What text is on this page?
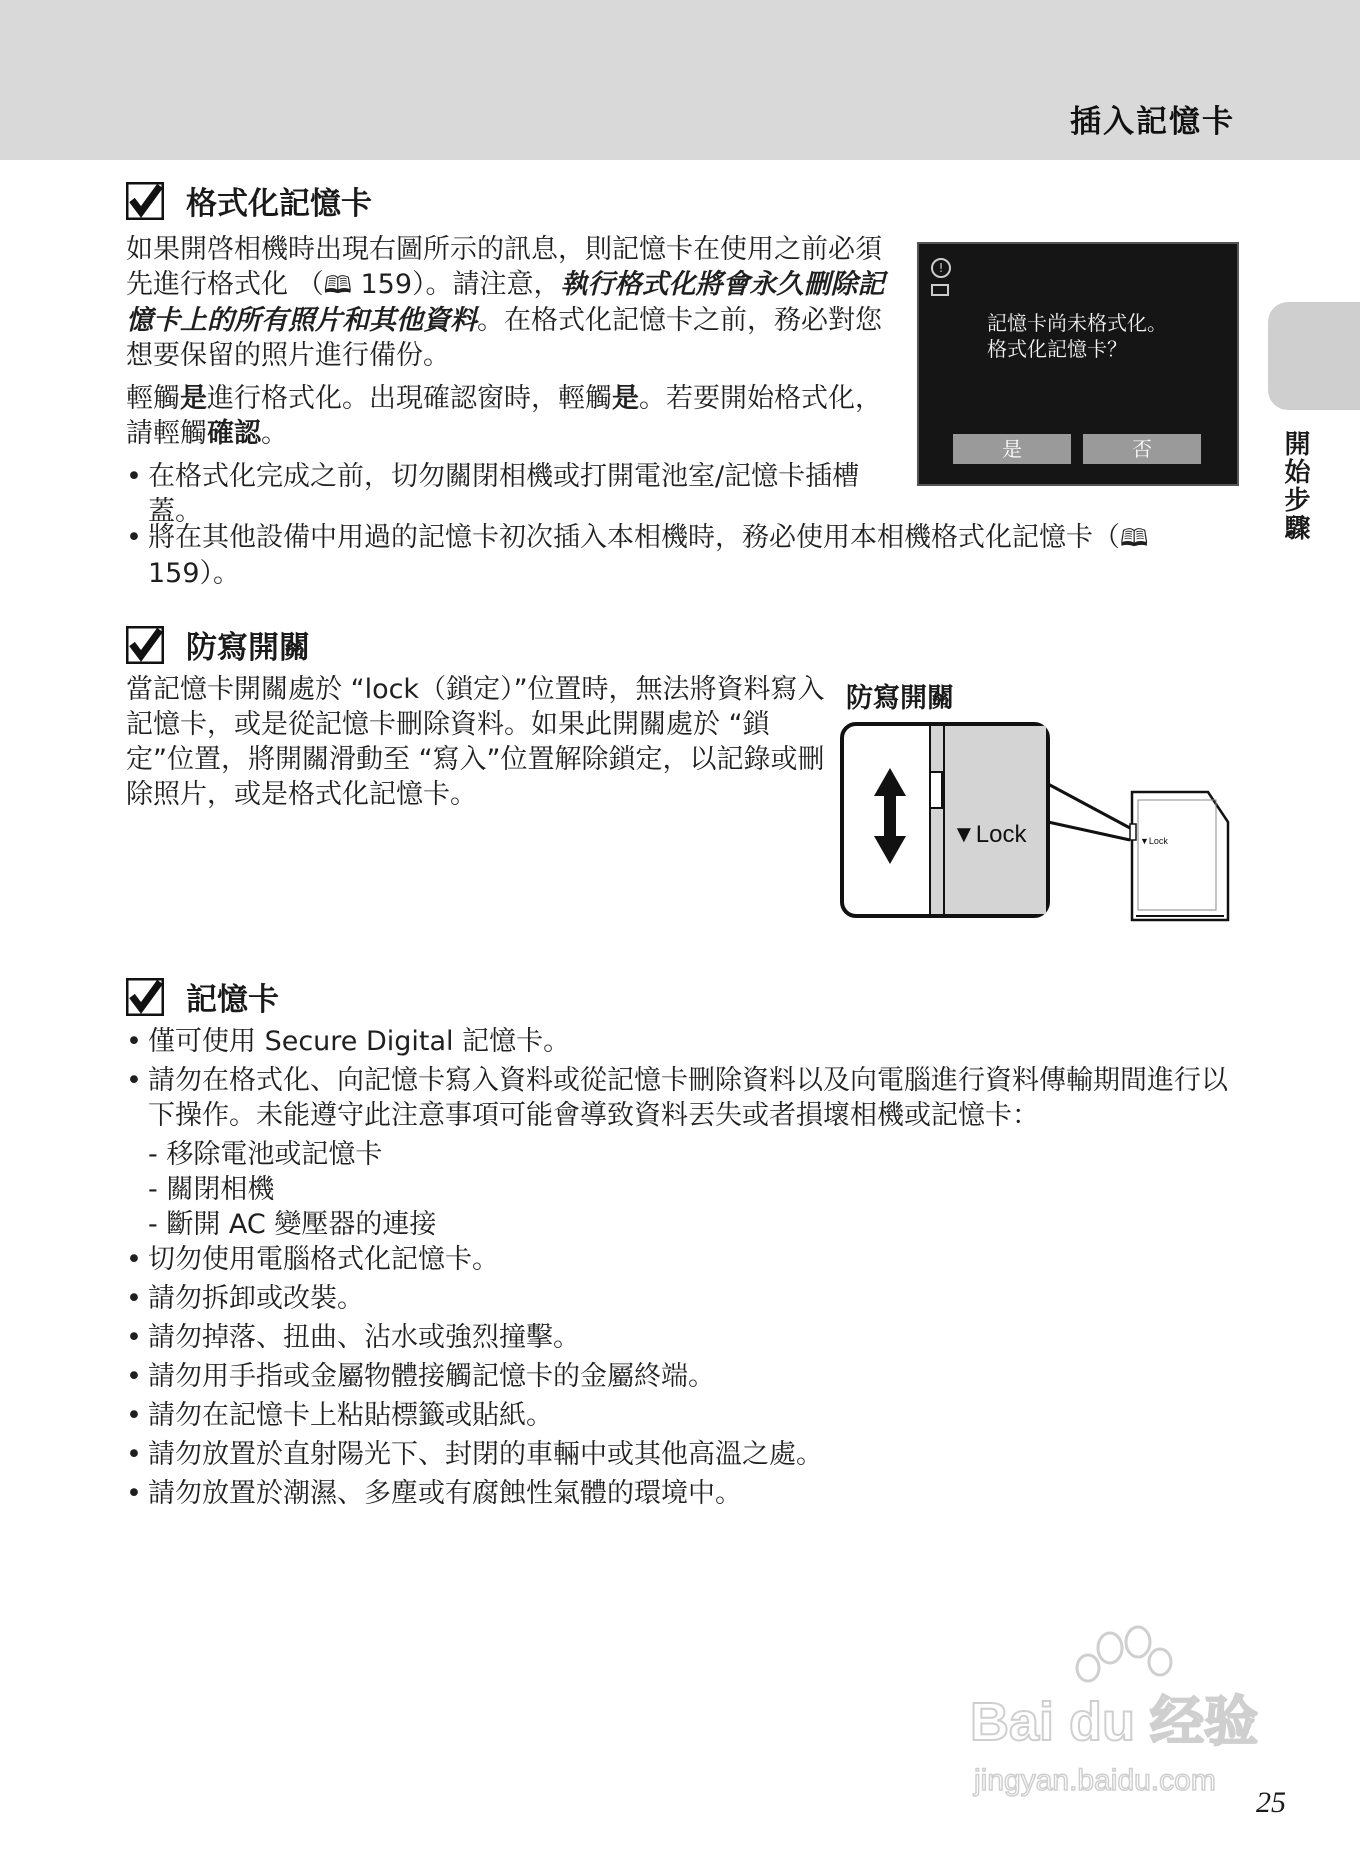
插入記憶卡
開始步驟
格式化記憶卡

如果開啓相機時出現右圖所示的訊息，則記憶卡在使用之前必須先進行格式化 （🕮 159）。請注意，執行格式化將會永久刪除記憶卡上的所有照片和其他資料。在格式化記憶卡之前，務必對您想要保留的照片進行備份。

輕觸是進行格式化。出現確認窗時，輕觸是。若要開始格式化，請輕觸確認。

• 在格式化完成之前，切勿關閉相機或打開電池室/記憶卡插槽蓋。
• 將在其他設備中用過的記憶卡初次插入本相機時，務必使用本相機格式化記憶卡（🕮 159）。
!
記憶卡尚未格式化。
格式化記憶卡？
是	否
防寫開關
當記憶卡開關處於 “lock（鎖定）”位置時，無法將資料寫入記憶卡，或是從記憶卡刪除資料。如果此開關處於 “鎖定”位置，將開關滑動至 “寫入”位置解除鎖定，以記錄或刪除照片，或是格式化記憶卡。
防寫開關
▼Lock	▼Lock
記憶卡
• 僅可使用 Secure Digital 記憶卡。
• 請勿在格式化、向記憶卡寫入資料或從記憶卡刪除資料以及向電腦進行資料傳輸期間進行以下操作。未能遵守此注意事項可能會導致資料丟失或者損壞相機或記憶卡：
- 移除電池或記憶卡
- 關閉相機
- 斷開 AC 變壓器的連接
• 切勿使用電腦格式化記憶卡。
• 請勿拆卸或改裝。
• 請勿掉落、扭曲、沾水或強烈撞擊。
• 請勿用手指或金屬物體接觸記憶卡的金屬終端。
• 請勿在記憶卡上粘貼標籤或貼紙。
• 請勿放置於直射陽光下、封閉的車輛中或其他高溫之處。
• 請勿放置於潮濕、多塵或有腐蝕性氣體的環境中。
Bai du 经验
jingyan.baidu.com
25
